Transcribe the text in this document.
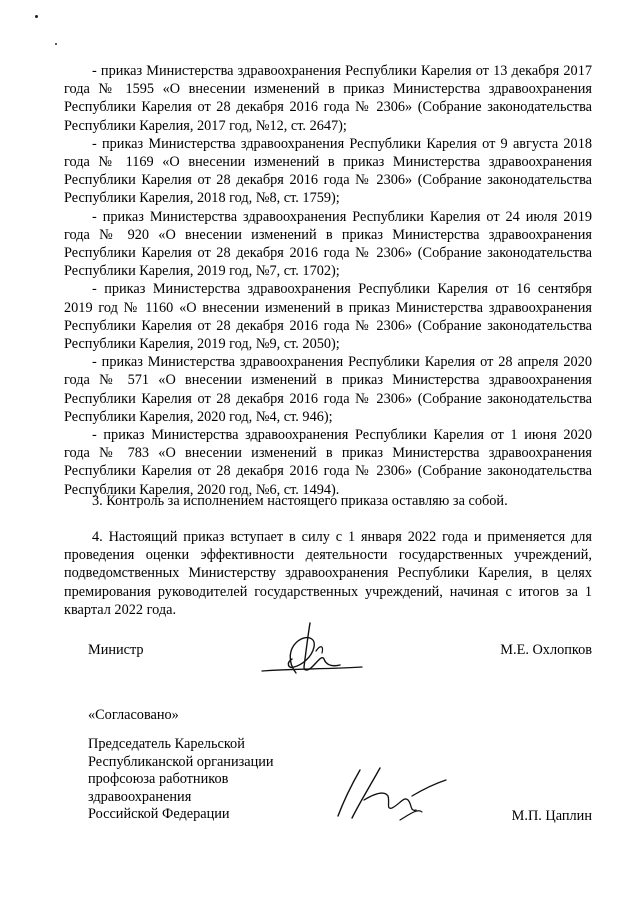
- приказ Министерства здравоохранения Республики Карелия от 13 декабря 2017 года № 1595 «О внесении изменений в приказ Министерства здравоохранения Республики Карелия от 28 декабря 2016 года № 2306» (Собрание законодательства Республики Карелия, 2017 год, №12, ст. 2647);

- приказ Министерства здравоохранения Республики Карелия от 9 августа 2018 года № 1169 «О внесении изменений в приказ Министерства здравоохранения Республики Карелия от 28 декабря 2016 года № 2306» (Собрание законодательства Республики Карелия, 2018 год, №8, ст. 1759);

- приказ Министерства здравоохранения Республики Карелия от 24 июля 2019 года № 920 «О внесении изменений в приказ Министерства здравоохранения Республики Карелия от 28 декабря 2016 года № 2306» (Собрание законодательства Республики Карелия, 2019 год, №7, ст. 1702);

- приказ Министерства здравоохранения Республики Карелия от 16 сентября 2019 год № 1160 «О внесении изменений в приказ Министерства здравоохранения Республики Карелия от 28 декабря 2016 года № 2306» (Собрание законодательства Республики Карелия, 2019 год, №9, ст. 2050);

- приказ Министерства здравоохранения Республики Карелия от 28 апреля 2020 года № 571 «О внесении изменений в приказ Министерства здравоохранения Республики Карелия от 28 декабря 2016 года № 2306» (Собрание законодательства Республики Карелия, 2020 год, №4, ст. 946);

- приказ Министерства здравоохранения Республики Карелия от 1 июня 2020 года № 783 «О внесении изменений в приказ Министерства здравоохранения Республики Карелия от 28 декабря 2016 года № 2306» (Собрание законодательства Республики Карелия, 2020 год, №6, ст. 1494).

3. Контроль за исполнением настоящего приказа оставляю за собой.

4. Настоящий приказ вступает в силу с 1 января 2022 года и применяется для проведения оценки эффективности деятельности государственных учреждений, подведомственных Министерству здравоохранения Республики Карелия, в целях премирования руководителей государственных учреждений, начиная с итогов за 1 квартал 2022 года.

Министр	М.Е. Охлопков
«Согласовано»
Председатель Карельской
Республиканской организации
профсоюза работников
здравоохранения
Российской Федерации	М.П. Цаплин
